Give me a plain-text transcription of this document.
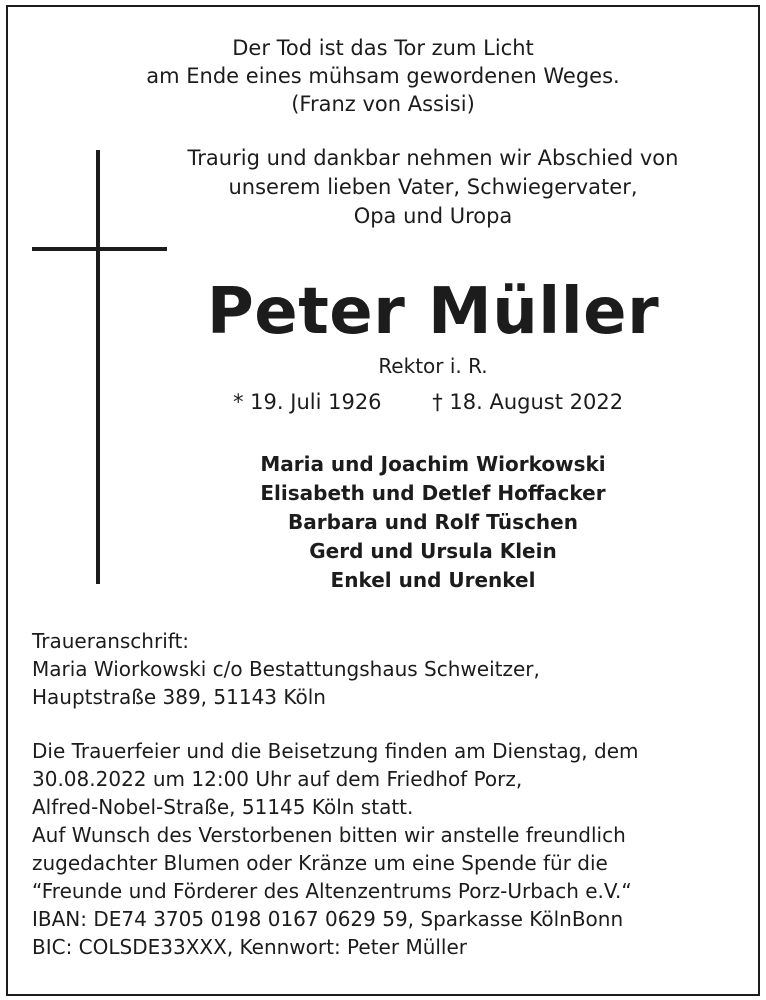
Der Tod ist das Tor zum Licht
am Ende eines mühsam gewordenen Weges.
(Franz von Assisi)
Traurig und dankbar nehmen wir Abschied von
unserem lieben Vater, Schwiegervater,
Opa und Uropa
Peter Müller
Rektor i. R.
* 19. Juli 1926 † 18. August 2022
Maria und Joachim Wiorkowski
Elisabeth und Detlef Hoffacker
Barbara und Rolf Tüschen
Gerd und Ursula Klein
Enkel und Urenkel
Traueranschrift:
Maria Wiorkowski c/o Bestattungshaus Schweitzer,
Hauptstraße 389, 51143 Köln
Die Trauerfeier und die Beisetzung finden am Dienstag, dem
30.08.2022 um 12:00 Uhr auf dem Friedhof Porz,
Alfred-Nobel-Straße, 51145 Köln statt.
Auf Wunsch des Verstorbenen bitten wir anstelle freundlich
zugedachter Blumen oder Kränze um eine Spende für die
“Freunde und Förderer des Altenzentrums Porz-Urbach e.V.“
IBAN: DE74 3705 0198 0167 0629 59, Sparkasse KölnBonn
BIC: COLSDE33XXX, Kennwort: Peter Müller
